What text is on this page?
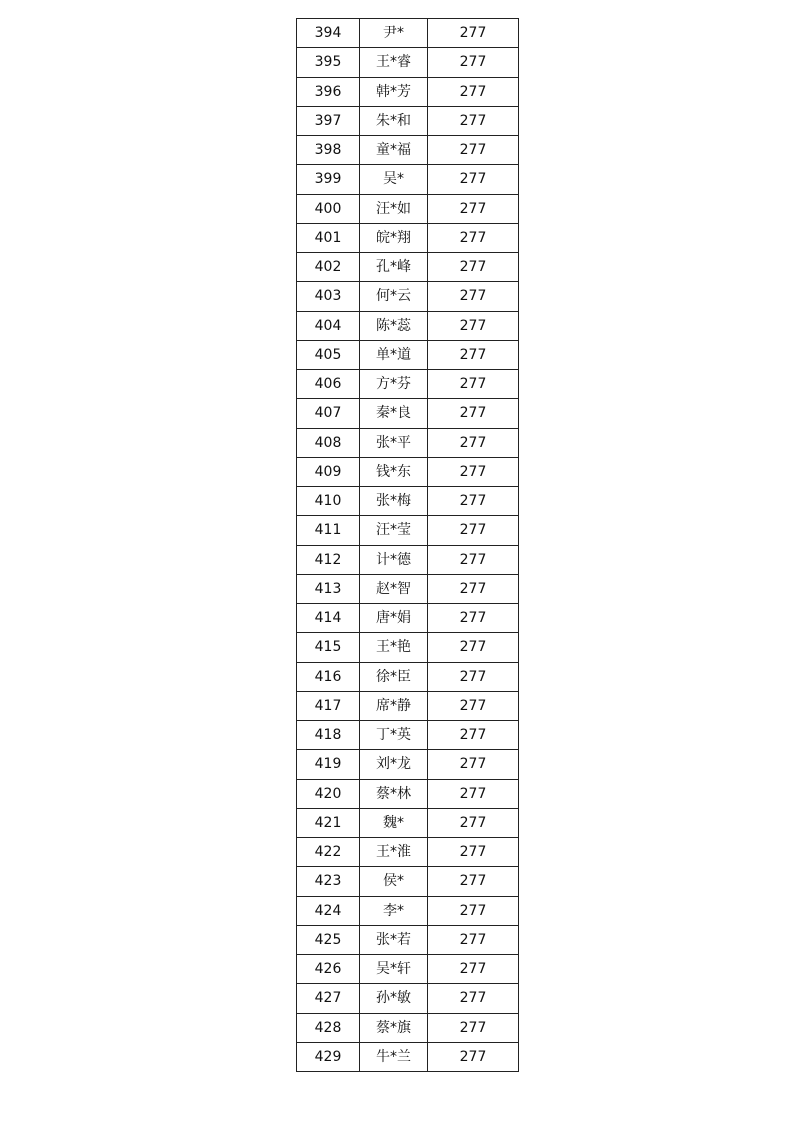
394	尹*	277
395	王*睿	277
396	韩*芳	277
397	朱*和	277
398	童*福	277
399	吴*	277
400	汪*如	277
401	皖*翔	277
402	孔*峰	277
403	何*云	277
404	陈*蕊	277
405	单*道	277
406	方*芬	277
407	秦*良	277
408	张*平	277
409	钱*东	277
410	张*梅	277
411	汪*莹	277
412	计*德	277
413	赵*智	277
414	唐*娟	277
415	王*艳	277
416	徐*臣	277
417	席*静	277
418	丁*英	277
419	刘*龙	277
420	蔡*林	277
421	魏*	277
422	王*淮	277
423	侯*	277
424	李*	277
425	张*若	277
426	吴*轩	277
427	孙*敏	277
428	蔡*旗	277
429	牛*兰	277
